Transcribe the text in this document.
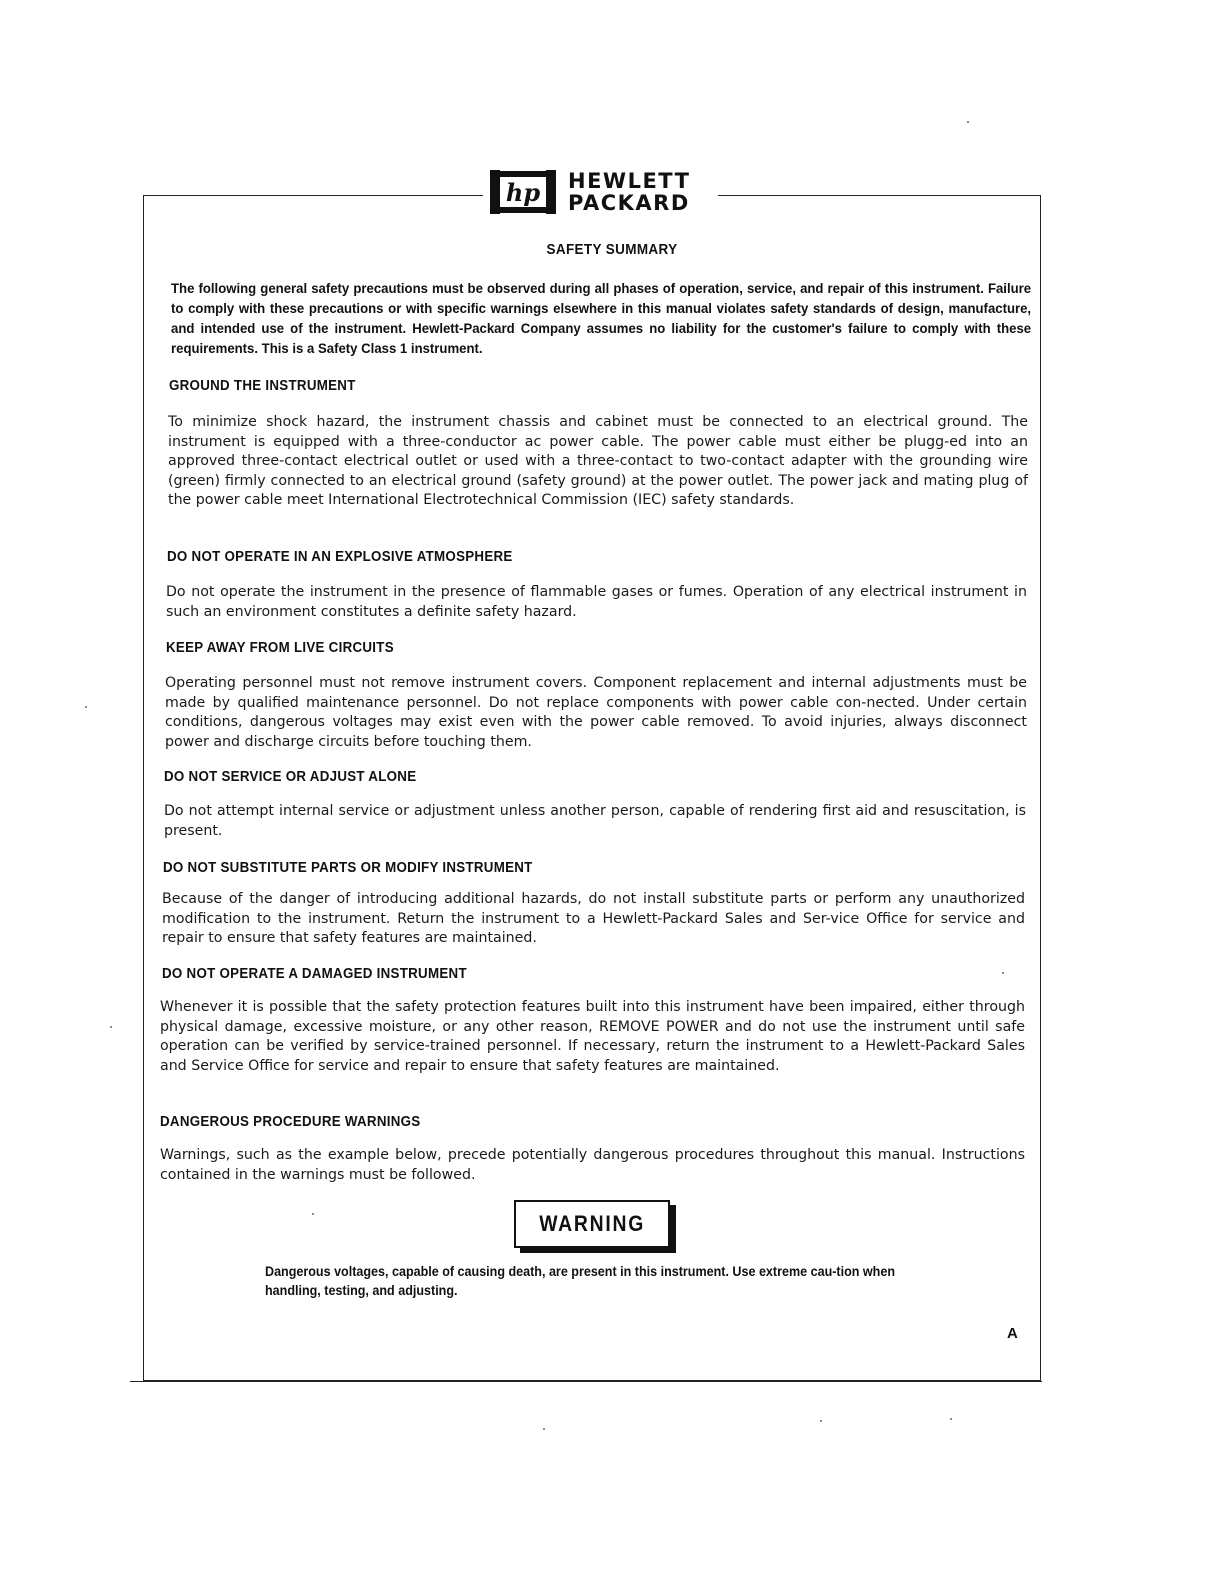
hp HEWLETT
PACKARD
SAFETY SUMMARY
The following general safety precautions must be observed during all phases of operation, service, and repair of this instrument. Failure to comply with these precautions or with specific warnings elsewhere in this manual violates safety standards of design, manufacture, and intended use of the instrument. Hewlett-Packard Company assumes no liability for the customer's failure to comply with these requirements. This is a Safety Class 1 instrument.
GROUND THE INSTRUMENT
To minimize shock hazard, the instrument chassis and cabinet must be connected to an electrical ground. The instrument is equipped with a three-conductor ac power cable. The power cable must either be plugg-ed into an approved three-contact electrical outlet or used with a three-contact to two-contact adapter with the grounding wire (green) firmly connected to an electrical ground (safety ground) at the power outlet. The power jack and mating plug of the power cable meet International Electrotechnical Commission (IEC) safety standards.
DO NOT OPERATE IN AN EXPLOSIVE ATMOSPHERE
Do not operate the instrument in the presence of flammable gases or fumes. Operation of any electrical instrument in such an environment constitutes a definite safety hazard.
KEEP AWAY FROM LIVE CIRCUITS
Operating personnel must not remove instrument covers. Component replacement and internal adjustments must be made by qualified maintenance personnel. Do not replace components with power cable con-nected. Under certain conditions, dangerous voltages may exist even with the power cable removed. To avoid injuries, always disconnect power and discharge circuits before touching them.
DO NOT SERVICE OR ADJUST ALONE
Do not attempt internal service or adjustment unless another person, capable of rendering first aid and resuscitation, is present.
DO NOT SUBSTITUTE PARTS OR MODIFY INSTRUMENT
Because of the danger of introducing additional hazards, do not install substitute parts or perform any unauthorized modification to the instrument. Return the instrument to a Hewlett-Packard Sales and Ser-vice Office for service and repair to ensure that safety features are maintained.
DO NOT OPERATE A DAMAGED INSTRUMENT
Whenever it is possible that the safety protection features built into this instrument have been impaired, either through physical damage, excessive moisture, or any other reason, REMOVE POWER and do not use the instrument until safe operation can be verified by service-trained personnel. If necessary, return the instrument to a Hewlett-Packard Sales and Service Office for service and repair to ensure that safety features are maintained.
DANGEROUS PROCEDURE WARNINGS
Warnings, such as the example below, precede potentially dangerous procedures throughout this manual. Instructions contained in the warnings must be followed.
WARNING
Dangerous voltages, capable of causing death, are present in this instrument. Use extreme cau-tion when handling, testing, and adjusting.
A
